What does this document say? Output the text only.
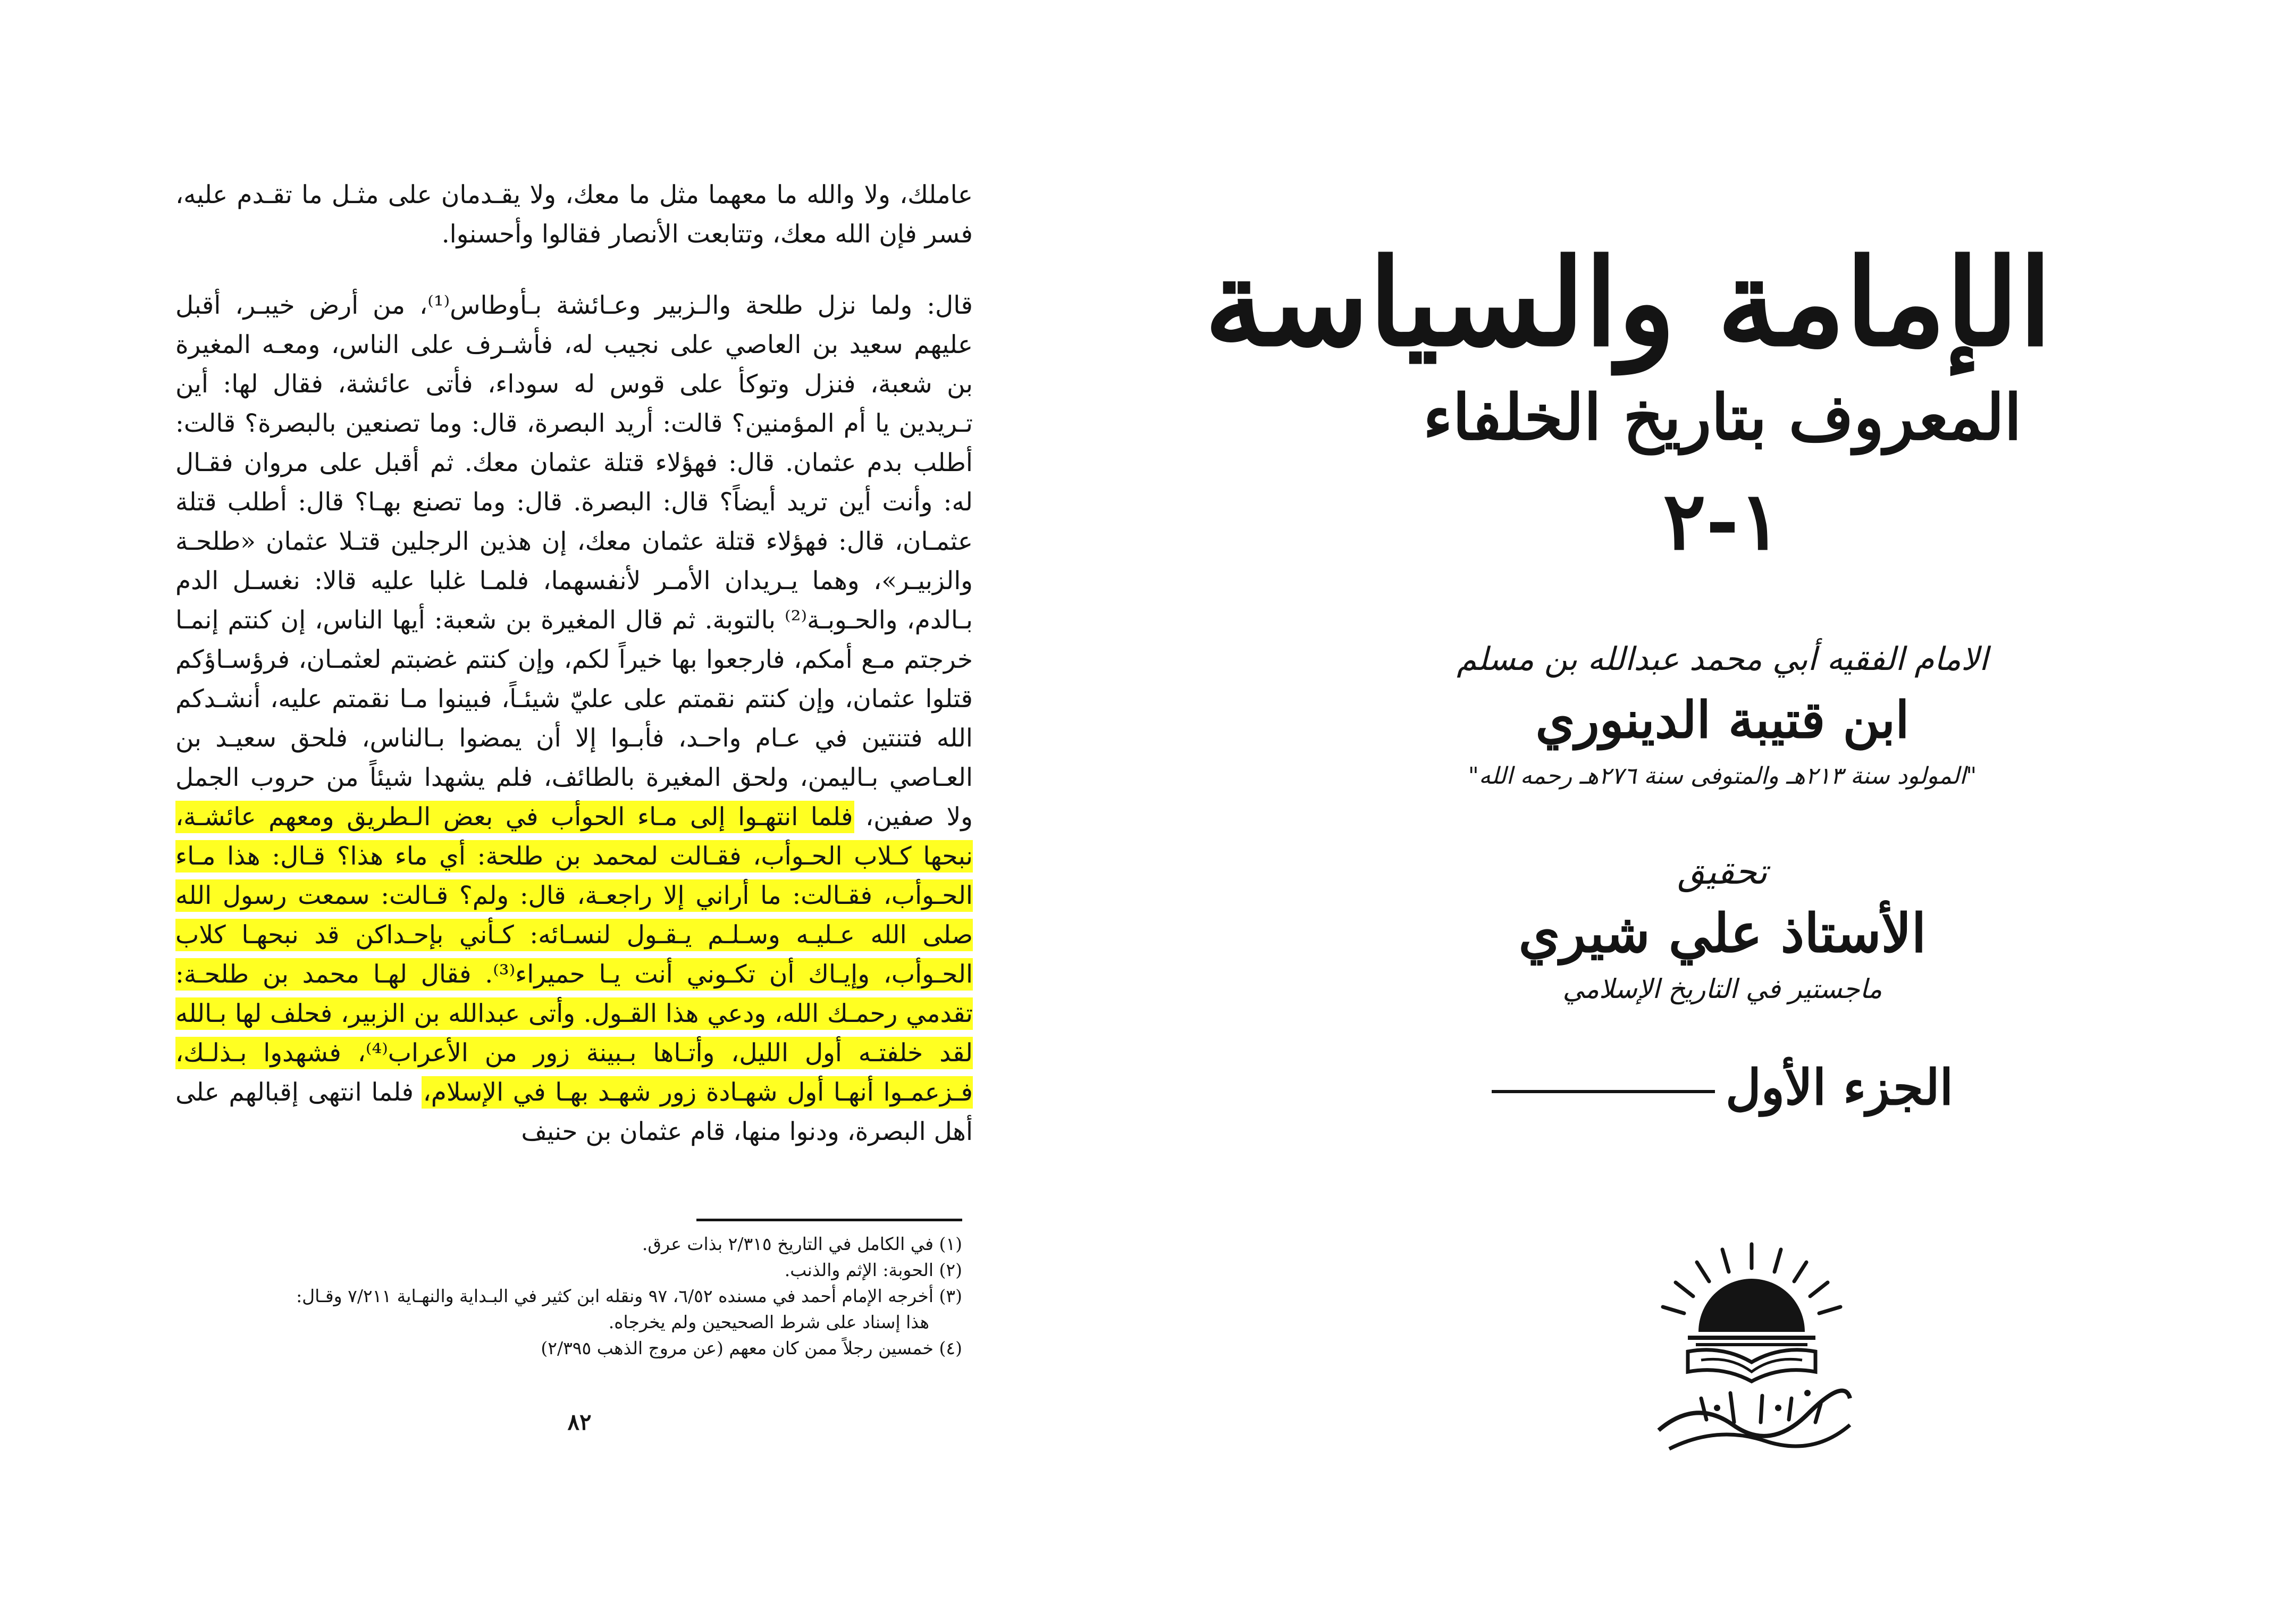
عاملك، ولا والله ما معهما مثل ما معك، ولا يقـدمان على مثـل ما تقـدم عليه، فسر فإن الله معك، وتتابعت الأنصار فقالوا وأحسنوا.

قال: ولما نزل طلحة والـزبير وعـائشة بـأوطاس⁽¹⁾، من أرض خيبـر، أقبل عليهم سعيد بن العاصي على نجيب له، فأشـرف على الناس، ومعـه المغيرة بن شعبة، فنزل وتوكأ على قوس له سوداء، فأتى عائشة، فقال لها: أين تـريدين يا أم المؤمنين؟ قالت: أريد البصرة، قال: وما تصنعين بالبصرة؟ قالت: أطلب بدم عثمان. قال: فهؤلاء قتلة عثمان معك. ثم أقبل على مروان فقـال له: وأنت أين تريد أيضاً؟ قال: البصرة. قال: وما تصنع بهـا؟ قال: أطلب قتلة عثمـان، قال: فهؤلاء قتلة عثمان معك، إن هذين الرجلين قتـلا عثمان «طلحـة والزبيـر»، وهما يـريدان الأمـر لأنفسهما، فلمـا غلبا عليه قالا: نغسـل الدم بـالدم، والحـوبـة⁽²⁾ بالتوبة. ثم قال المغيرة بن شعبة: أيها الناس، إن كنتم إنمـا خرجتم مـع أمكم، فارجعوا بها خيراً لكم، وإن كنتم غضبتم لعثمـان، فرؤسـاؤكم قتلوا عثمان، وإن كنتم نقمتم على عليّ شيئـاً، فبينوا مـا نقمتم عليه، أنشـدكم الله فتنتين في عـام واحـد، فأبـوا إلا أن يمضوا بـالناس، فلحق سعيـد بن العـاصي بـاليمن، ولحق المغيرة بالطائف، فلم يشهدا شيئاً من حروب الجمل ولا صفين، فلما انتهـوا إلى مـاء الحوأب في بعض الـطريق ومعهم عائشـة، نبحها كـلاب الحـوأب، فقـالت لمحمد بن طلحة: أي ماء هذا؟ قـال: هذا مـاء الحـوأب، فقـالت: ما أراني إلا راجعـة، قال: ولم؟ قـالت: سمعت رسول الله صلى الله عـليـه وسـلـم يـقـول لنسـائه: كـأني بإحـداكن قد نبحهـا كلاب الحـوأب، وإيـاك أن تكـوني أنت يـا حميراء⁽³⁾. فقال لهـا محمد بن طلحـة: تقدمي رحمـك الله، ودعي هذا القـول. وأتى عبدالله بن الزبير، فحلف لها بـالله لقد خلفتـه أول الليل، وأتـاها بـبينة زور من الأعراب⁽⁴⁾، فشهدوا بـذلـك، فـزعمـوا أنهـا أول شهـادة زور شهـد بهـا في الإسلام، فلما انتهى إقبالهم على أهل البصرة، ودنوا منها، قام عثمان بن حنيف

(١) في الكامل في التاريخ ٢/٣١٥ بذات عرق.
(٢) الحوبة: الإثم والذنب.
(٣) أخرجه الإمام أحمد في مسنده ٦/٥٢، ٩٧ ونقله ابن كثير في البـداية والنهـاية ٧/٢١١ وقـال:
هذا إسناد على شرط الصحيحين ولم يخرجاه.
(٤) خمسين رجلاً ممن كان معهم (عن مروج الذهب ٢/٣٩٥)
٨٢
الإمامة والسياسة
المعروف بتاريخ الخلفاء
١-٢
الامام الفقيه أبي محمد عبدالله بن مسلم
ابن قتيبة الدينوري
"المولود سنة ٢١٣هـ والمتوفى سنة ٢٧٦هـ رحمه الله"
تحقيق
الأستاذ علي شيري
ماجستير في التاريخ الإسلامي
الجزء الأول
